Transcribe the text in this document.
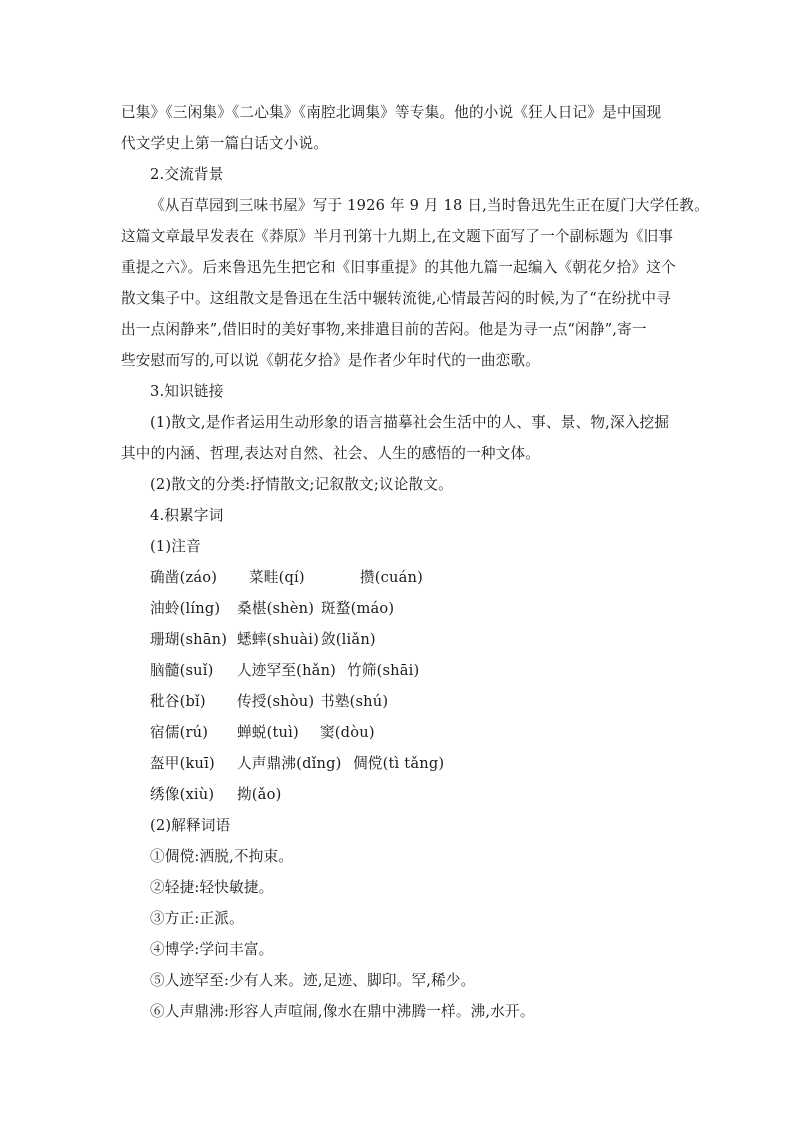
已集》《三闲集》《二心集》《南腔北调集》等专集。他的小说《狂人日记》是中国现
代文学史上第一篇白话文小说。
2.交流背景
《从百草园到三味书屋》写于 1926 年 9 月 18 日,当时鲁迅先生正在厦门大学任教。
这篇文章最早发表在《莽原》半月刊第十九期上,在文题下面写了一个副标题为《旧事
重提之六》。后来鲁迅先生把它和《旧事重提》的其他九篇一起编入《朝花夕拾》这个
散文集子中。这组散文是鲁迅在生活中辗转流徙,心情最苦闷的时候,为了“在纷扰中寻
出一点闲静来”,借旧时的美好事物,来排遣目前的苦闷。他是为寻一点“闲静”,寄一
些安慰而写的,可以说《朝花夕拾》是作者少年时代的一曲恋歌。
3.知识链接
(1)散文,是作者运用生动形象的语言描摹社会生活中的人、事、景、物,深入挖掘
其中的内涵、哲理,表达对自然、社会、人生的感悟的一种文体。
(2)散文的分类:抒情散文;记叙散文;议论散文。
4.积累字词
(1)注音
确凿(záo)	菜畦(qí)	攒(cuán)
油蛉(líng)	桑椹(shèn) 斑蝥(máo)
珊瑚(shān) 蟋蟀(shuài) 敛(liǎn)
脑髓(suǐ)	人迹罕至(hǎn) 竹筛(shāi)
秕谷(bǐ)	传授(shòu) 书塾(shú)
宿儒(rú)	蝉蜕(tuì)	窦(dòu)
盔甲(kuī)	人声鼎沸(dǐng) 倜傥(tì tǎng)
绣像(xiù)	拗(ǎo)
(2)解释词语
①倜傥:洒脱,不拘束。
②轻捷:轻快敏捷。
③方正:正派。
④博学:学问丰富。
⑤人迹罕至:少有人来。迹,足迹、脚印。罕,稀少。
⑥人声鼎沸:形容人声喧闹,像水在鼎中沸腾一样。沸,水开。
